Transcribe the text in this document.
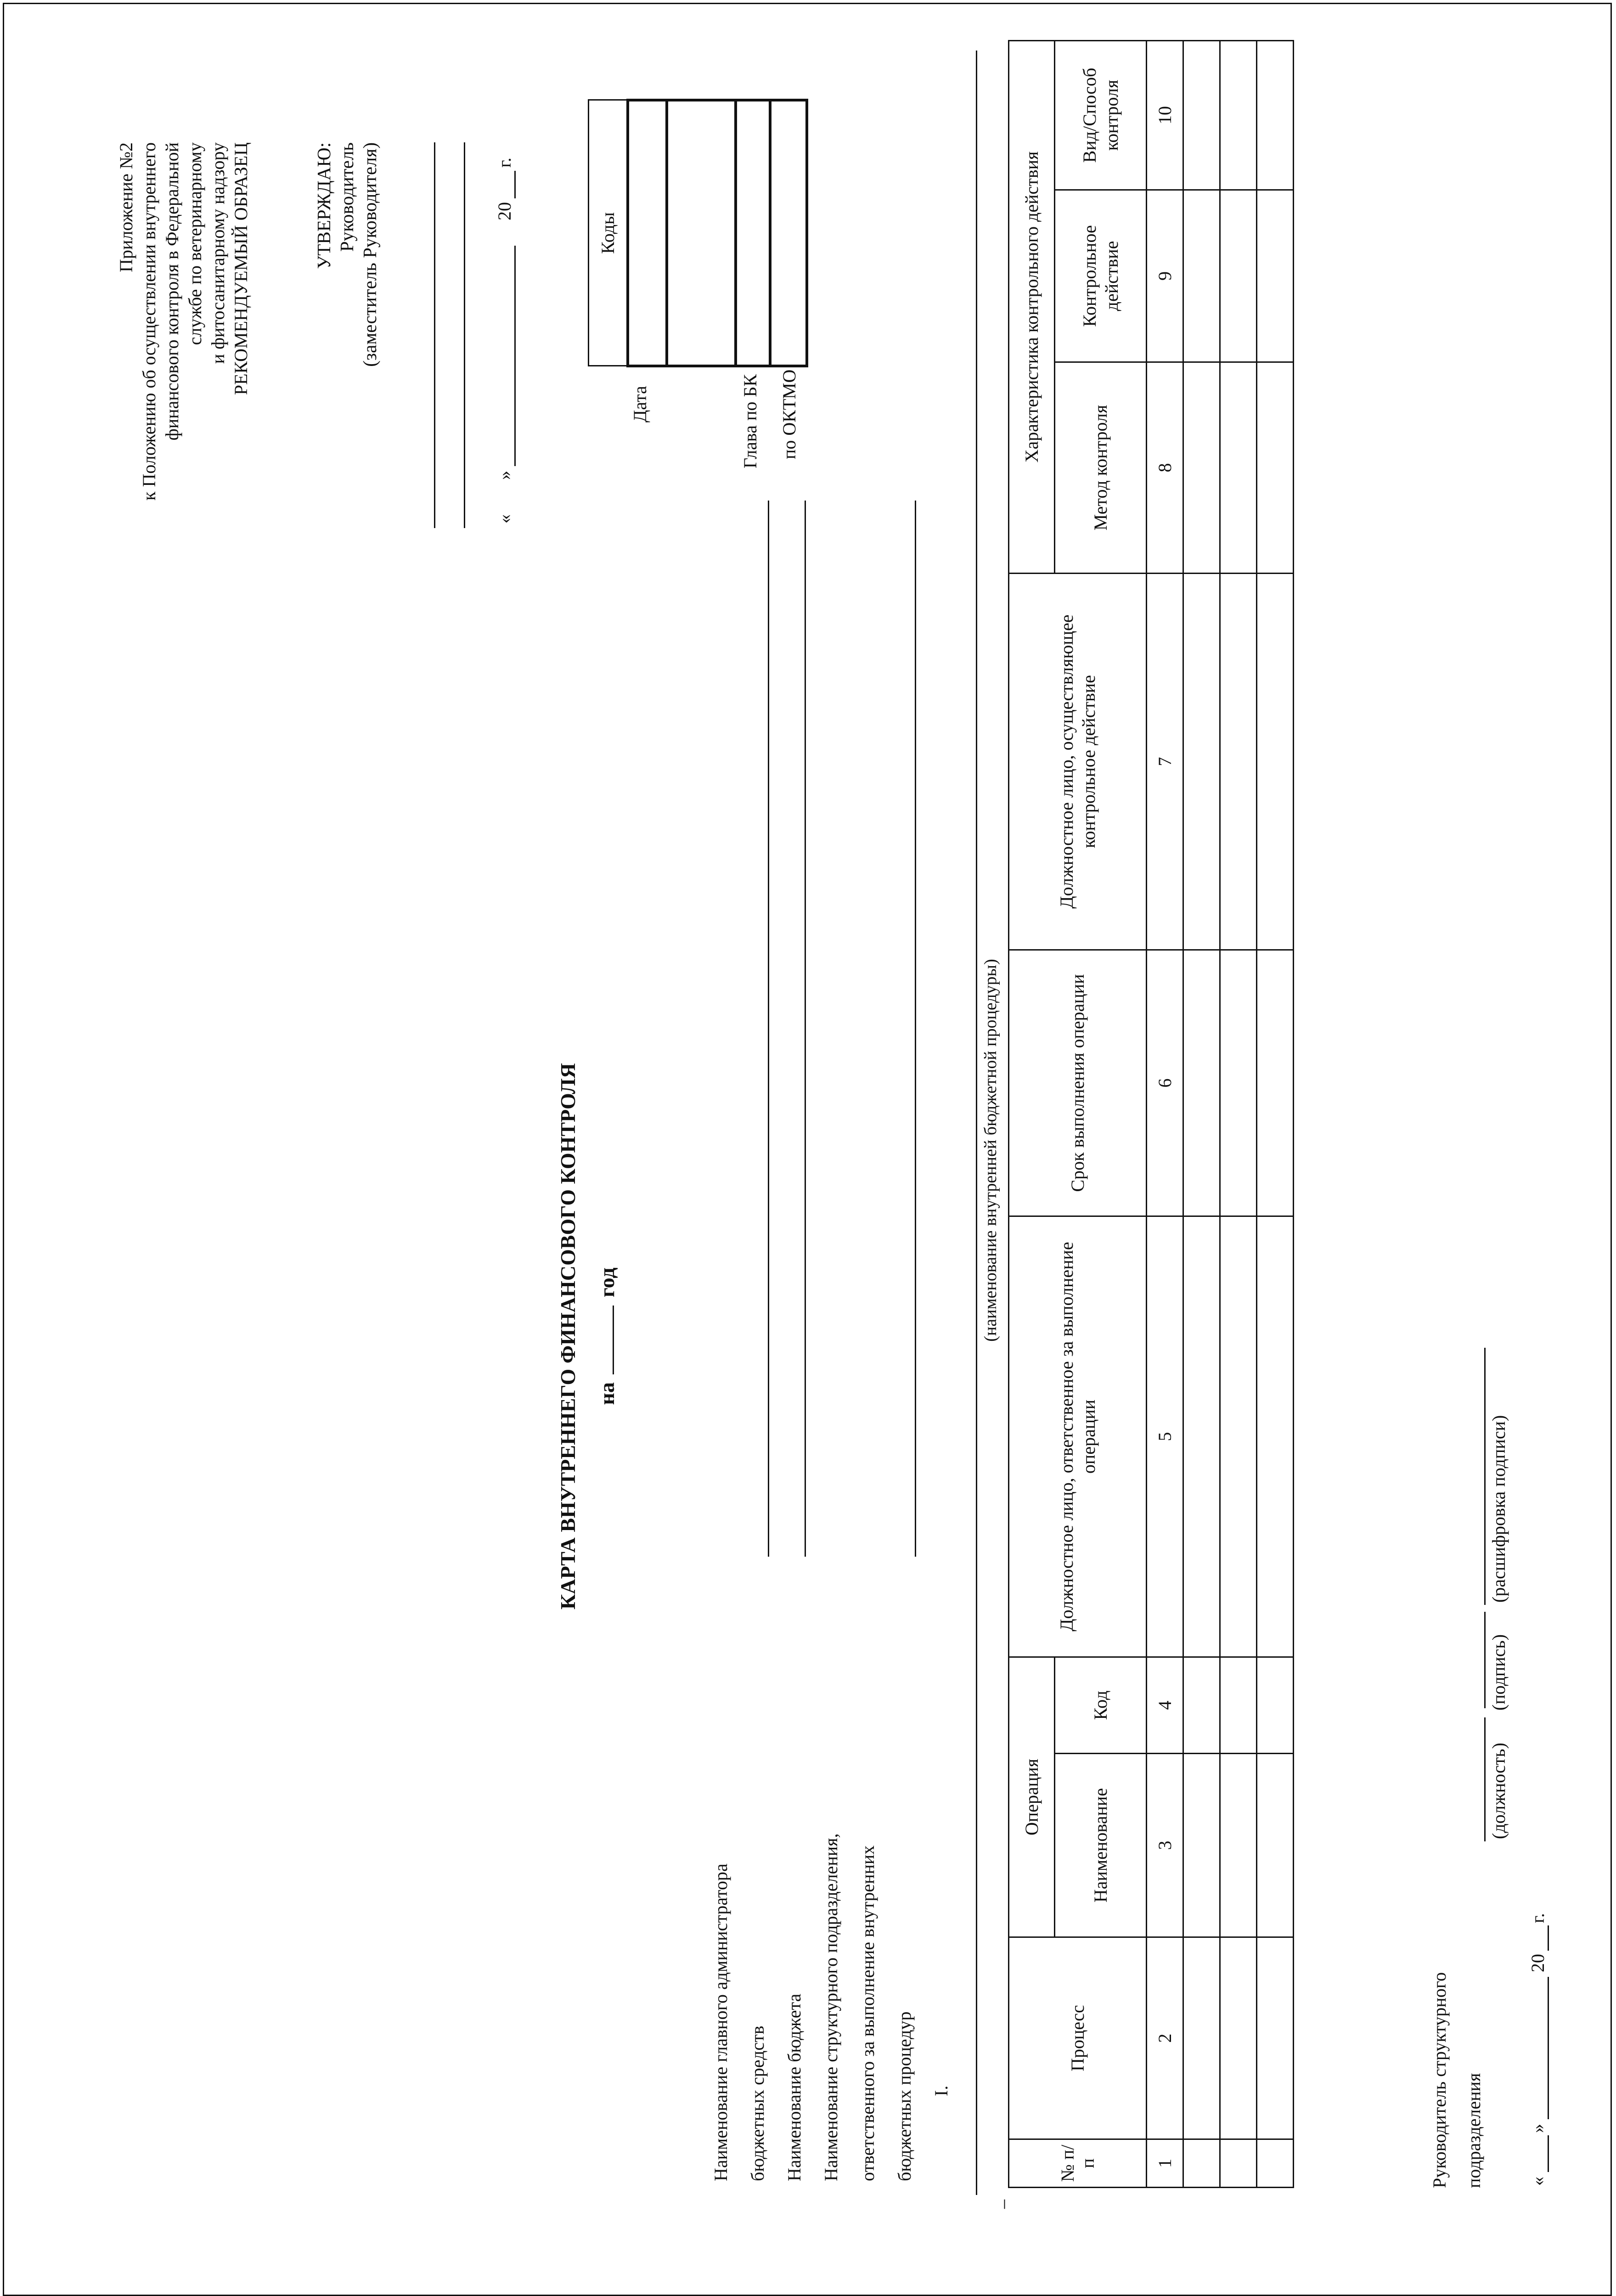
Приложение №2 к Положению об осуществлении внутреннего финансового контроля в Федеральной службе по ветеринарному и фитосанитарному надзору РЕКОМЕНДУЕМЫЙ ОБРАЗЕЦ	УТВЕРЖДАЮ: Руководитель (заместитель Руководителя)
«
»
20
г.
Коды

Дата	Глава по БК по ОКТМО
КАРТА ВНУТРЕННЕГО ФИНАНСОВОГО КОНТРОЛЯ на  год
Наименование главного администратора бюджетных средств Наименование бюджета Наименование структурного подразделения, ответственного за выполнение внутренних бюджетных процедур I.
–
(наименование внутренней бюджетной процедуры)
№ п/п	Процесс	Операция		Должностное лицо, ответственное за выполнение операции	Срок выполнения операции	Должностное лицо, осуществляющее контрольное действие	Характеристика контрольного действия		
		Наименование	Код				Метод контроля	Контрольное действие	Вид/Способ контроля
1	2	3	4	5	6	7	8	9	10

Руководитель структурного подразделения
(должность)
(подпись)
(расшифровка подписи)
«
»
20
г.
